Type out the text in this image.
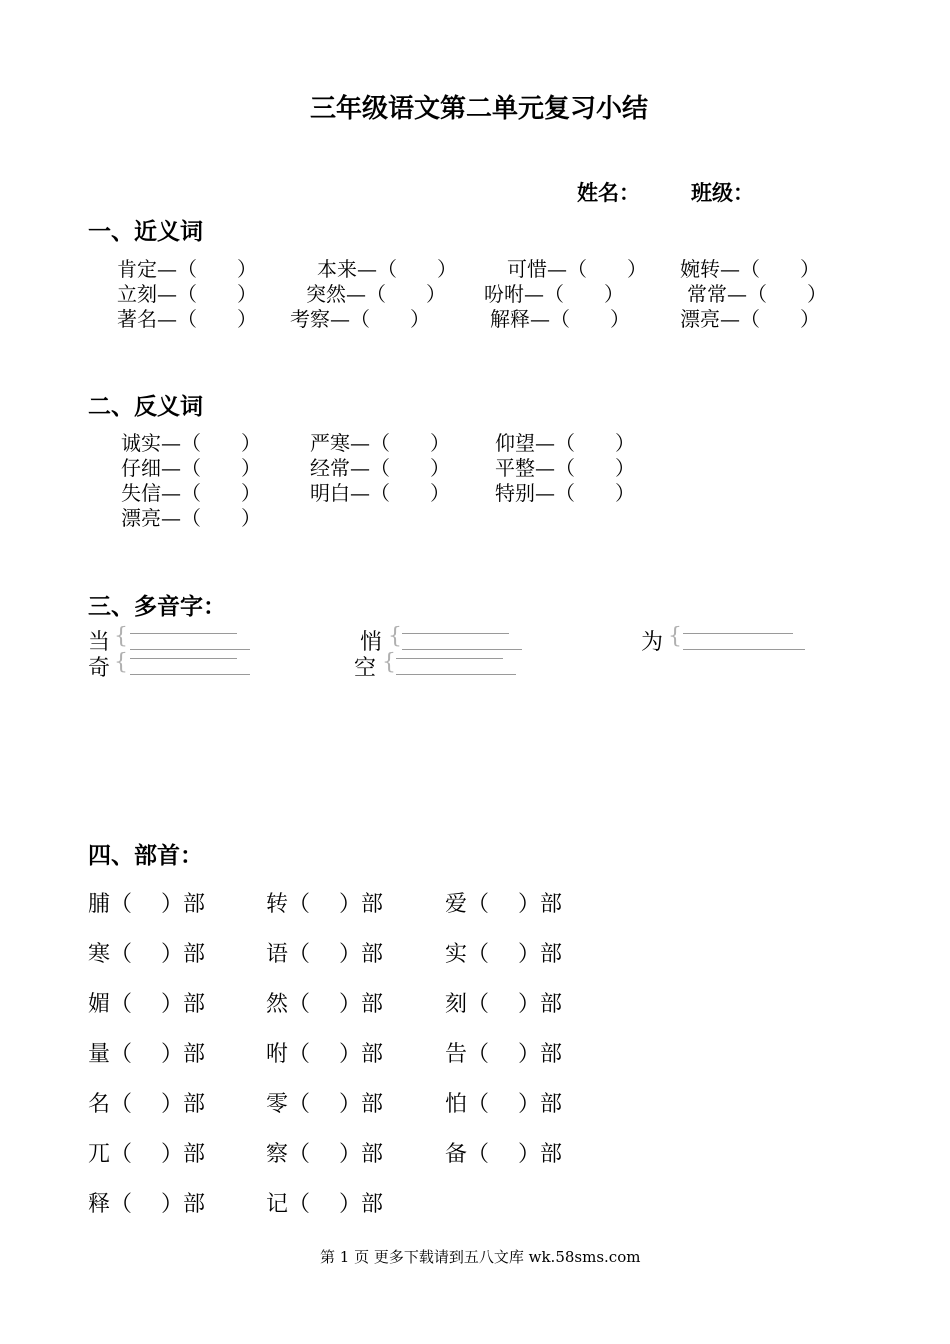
三年级语文第二单元复习小结
姓名： 班级：
一、近义词
肯定—（　　）	本来—（　　）	可惜—（　　） 婉转—（　　）
立刻—（　　） 突然—（　　） 吩咐—（　　）	常常—（　　）
著名—（　　） 考察—（　　）	解释—（　　）	漂亮—（　　）
二、反义词
诚实—（　　） 严寒—（　　） 仰望—（　　）
仔细—（　　） 经常—（　　） 平整—（　　）
失信—（　　） 明白—（　　） 特别—（　　）
漂亮—（　　）
三、多音字：
当 {	悄 {	为 {
奇 {	空 {
四、部首：
脯（　 ）部	转（　 ）部	爱（　 ）部
寒（　 ）部	语（　 ）部	实（　 ）部
媚（　 ）部	然（　 ）部	刻（　 ）部
量（　 ）部	咐（　 ）部	告（　 ）部
名（　 ）部	零（　 ）部	怕（　 ）部
兀（　 ）部	察（　 ）部	备（　 ）部
释（　 ）部	记（　 ）部
第 1 页 更多下载请到五八文库 wk.58sms.com
